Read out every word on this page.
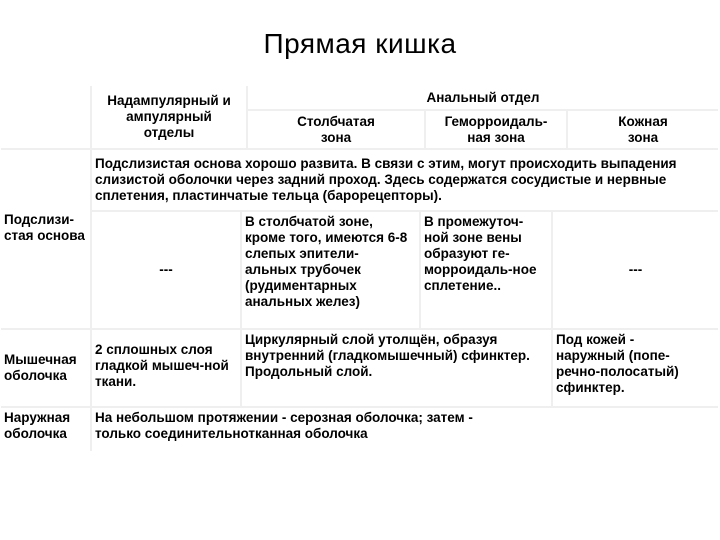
Прямая кишка
Надампулярный и ампулярный отделы
Анальный отдел
Столбчатая зона
Геморроидаль-ная зона
Кожная зона
Подслизистая основа хорошо развита. В связи с этим, могут происходить выпадения слизистой оболочки через задний проход. Здесь содержатся сосудистые и нервные сплетения, пластинчатые тельца (барорецепторы).
Подслизи-стая основа
---
В столбчатой зоне, кроме того, имеются 6-8 слепых эпители-альных трубочек (рудиментарных анальных желез)
В промежуточ-ной зоне вены образуют ге-морроидаль-ное сплетение..
---
Мышечная оболочка
2 сплошных слоя гладкой мышеч-ной ткани.
Циркулярный слой утолщён, образуя внутренний (гладкомышечный) сфинктер. Продольный слой.
Под кожей - наружный (попе-речно-полосатый) сфинктер.
Наружная оболочка
На небольшом протяжении - серозная оболочка; затем - только соединительнотканная оболочка
